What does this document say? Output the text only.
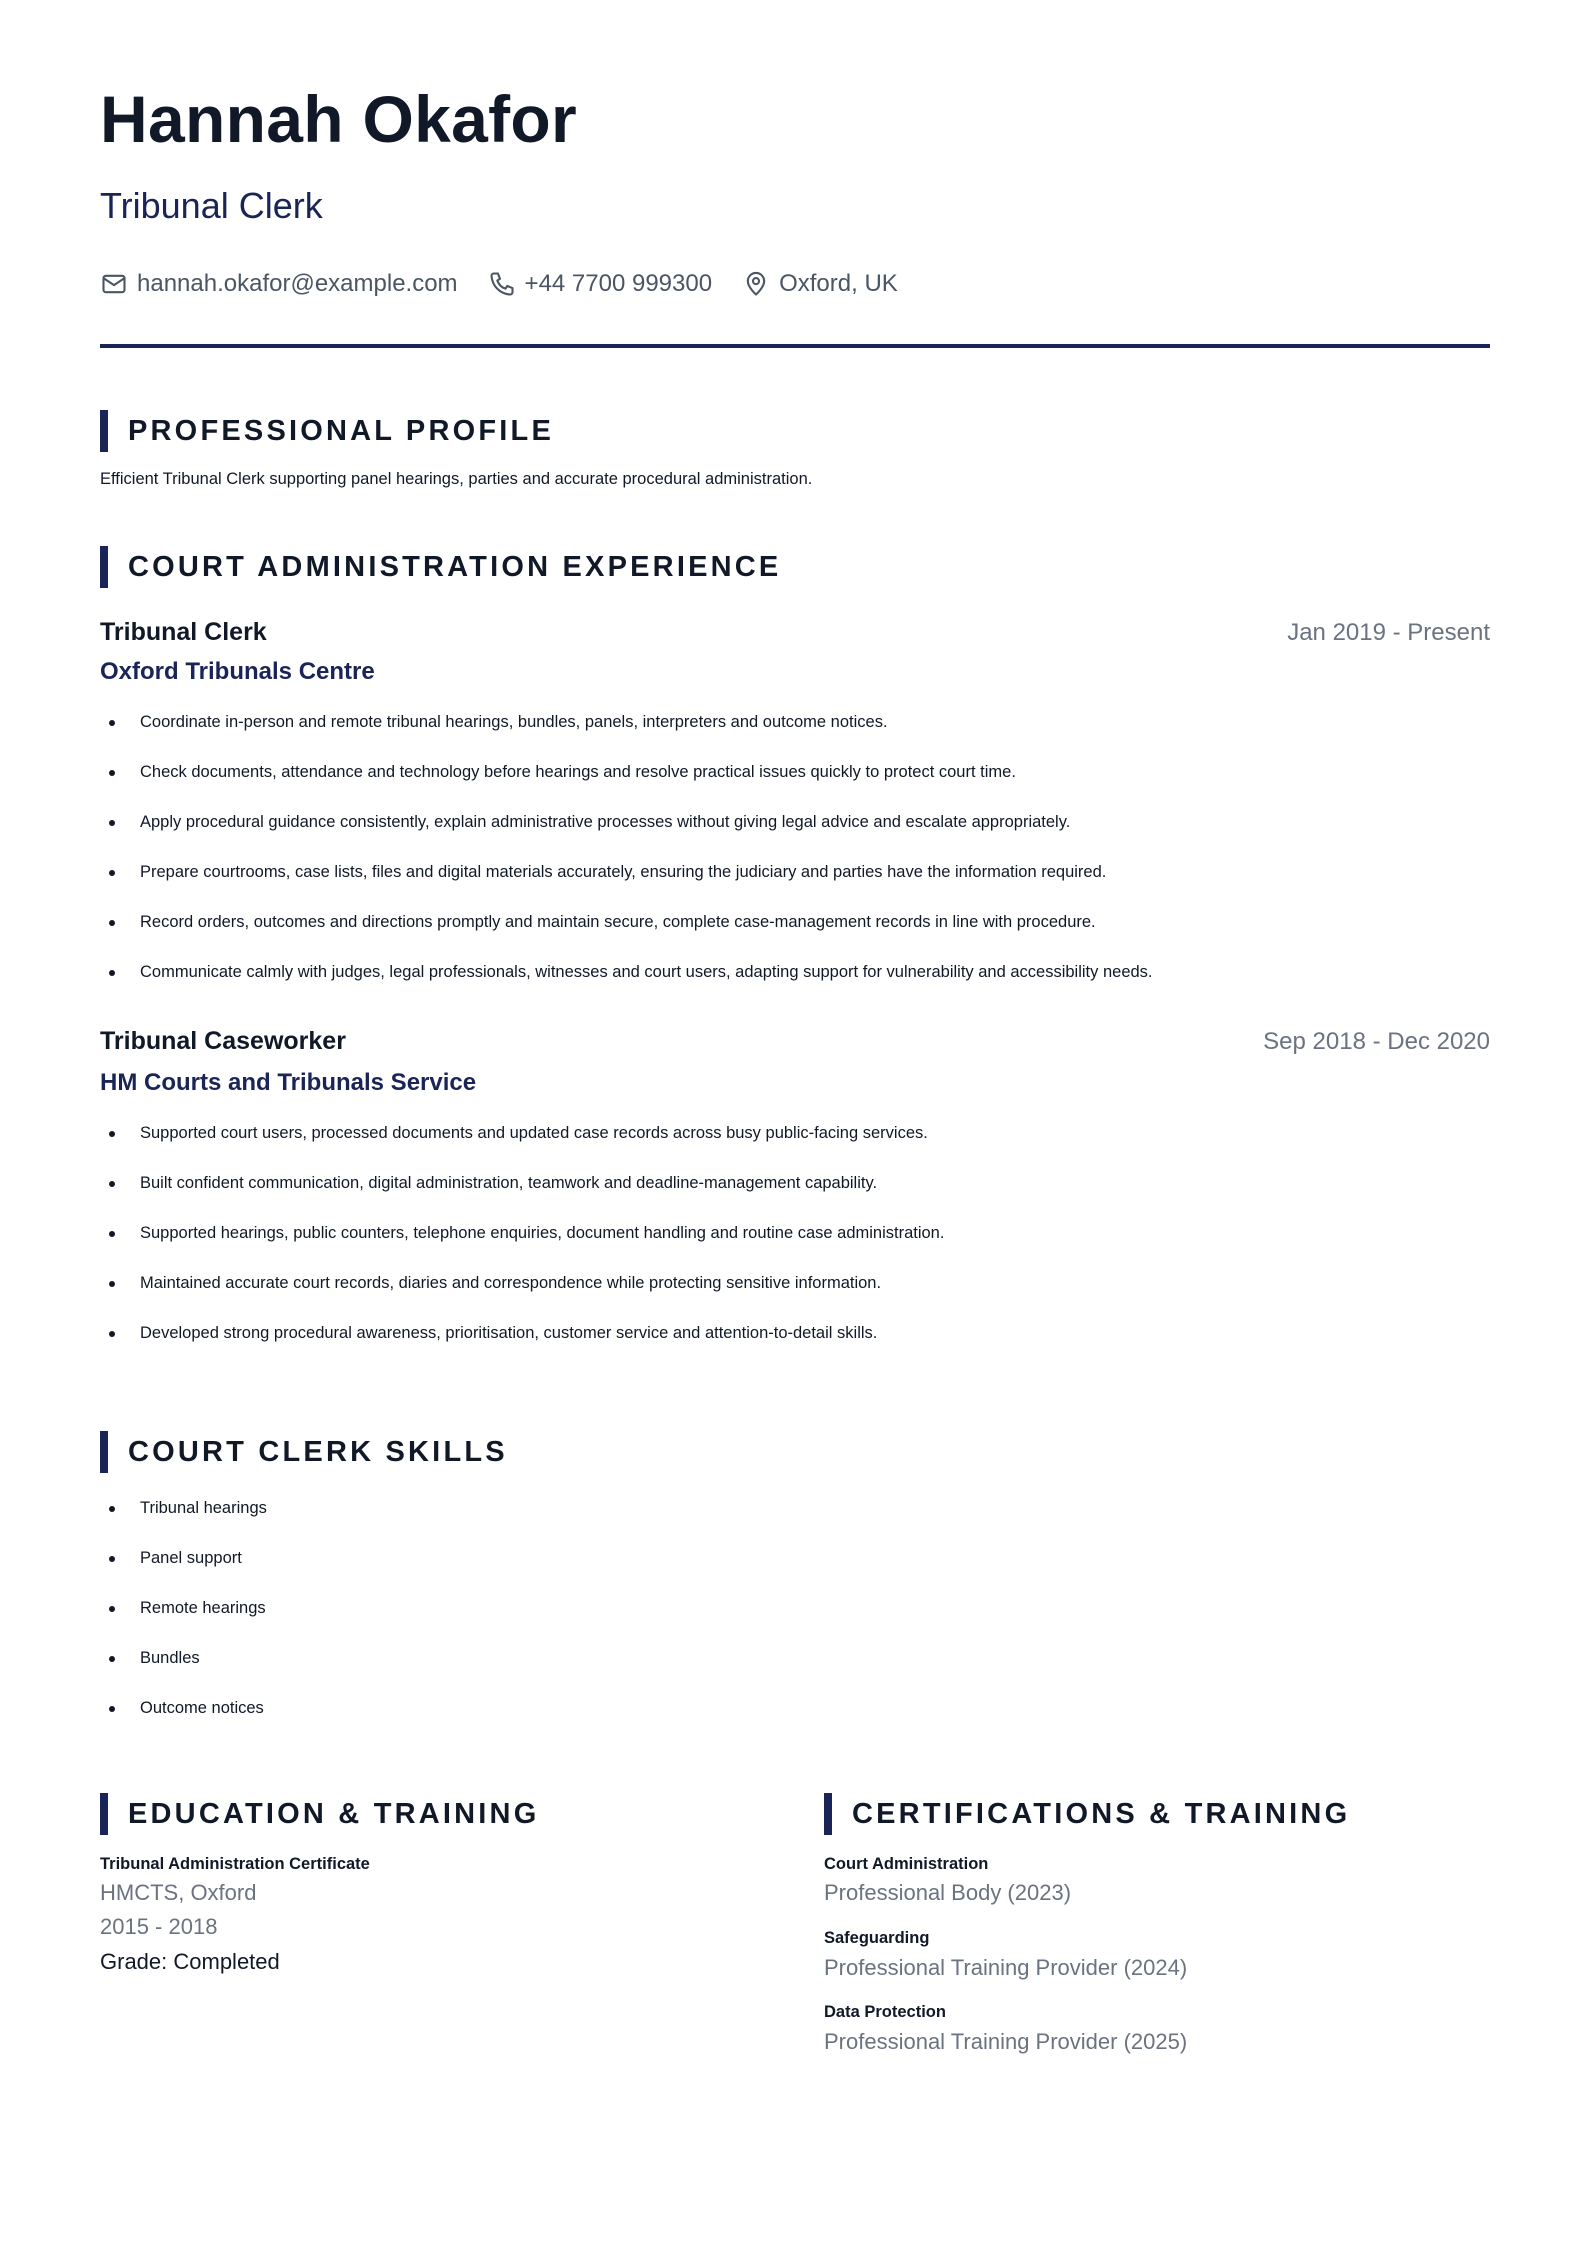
Hannah Okafor
Tribunal Clerk
hannah.okafor@example.com	+44 7700 999300	Oxford, UK
PROFESSIONAL PROFILE
Efficient Tribunal Clerk supporting panel hearings, parties and accurate procedural administration.
COURT ADMINISTRATION EXPERIENCE
Tribunal Clerk	Jan 2019 - Present
Oxford Tribunals Centre
Coordinate in-person and remote tribunal hearings, bundles, panels, interpreters and outcome notices.
Check documents, attendance and technology before hearings and resolve practical issues quickly to protect court time.
Apply procedural guidance consistently, explain administrative processes without giving legal advice and escalate appropriately.
Prepare courtrooms, case lists, files and digital materials accurately, ensuring the judiciary and parties have the information required.
Record orders, outcomes and directions promptly and maintain secure, complete case-management records in line with procedure.
Communicate calmly with judges, legal professionals, witnesses and court users, adapting support for vulnerability and accessibility needs.
Tribunal Caseworker	Sep 2018 - Dec 2020
HM Courts and Tribunals Service
Supported court users, processed documents and updated case records across busy public-facing services.
Built confident communication, digital administration, teamwork and deadline-management capability.
Supported hearings, public counters, telephone enquiries, document handling and routine case administration.
Maintained accurate court records, diaries and correspondence while protecting sensitive information.
Developed strong procedural awareness, prioritisation, customer service and attention-to-detail skills.
COURT CLERK SKILLS
Tribunal hearings
Panel support
Remote hearings
Bundles
Outcome notices
EDUCATION & TRAINING
Tribunal Administration Certificate
HMCTS, Oxford
2015 - 2018
Grade: Completed
CERTIFICATIONS & TRAINING
Court Administration
Professional Body (2023)
Safeguarding
Professional Training Provider (2024)
Data Protection
Professional Training Provider (2025)
